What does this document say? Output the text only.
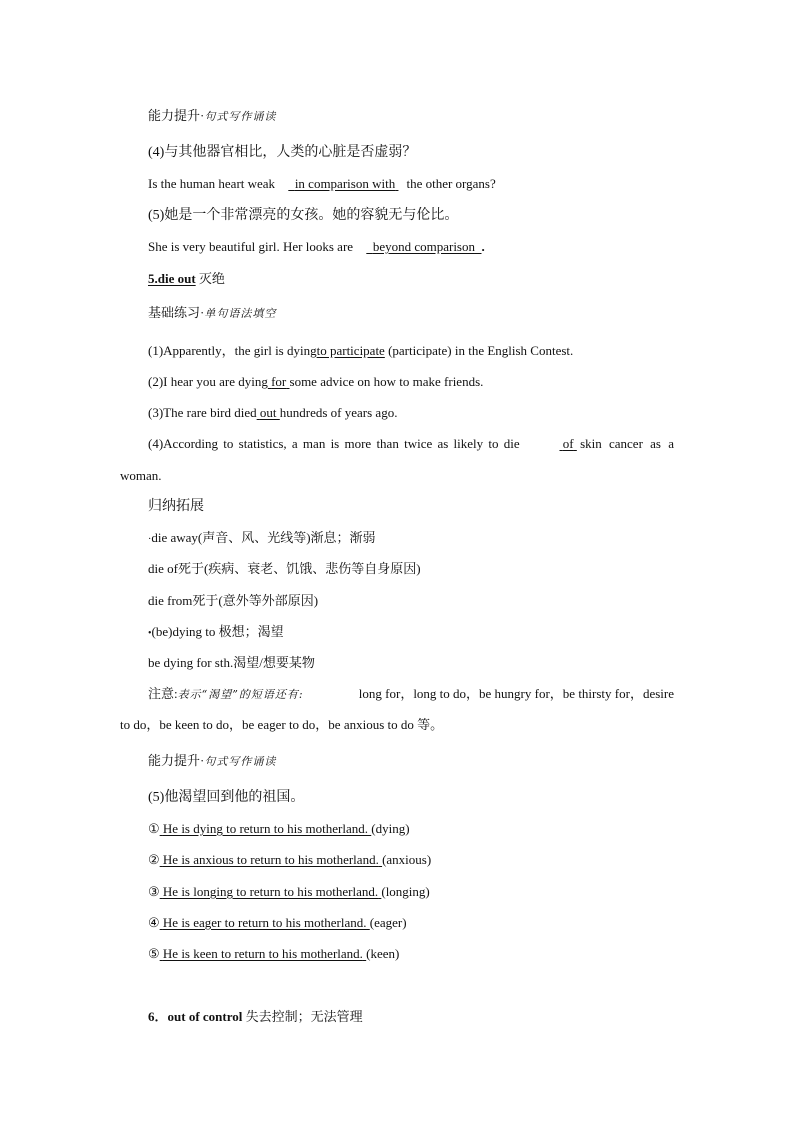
能力提升·句式写作诵读
(4)与其他器官相比，人类的心脏是否虚弱？
Is the human heart weak in comparison with the other organs?
(5)她是一个非常漂亮的女孩。她的容貌无与伦比。
She is very beautiful girl. Her looks are beyond comparison .
5.die out 灭绝
基础练习·单句语法填空
(1)Apparently，the girl is dyingto participate (participate) in the English Contest.
(2)I hear you are dying for some advice on how to make friends.
(3)The rare bird died out hundreds of years ago.
(4)According to statistics, a man is more than twice as likely to die	of skin cancer as a
woman.
归纳拓展
·die away(声音、风、光线等)渐息；渐弱
die of死于(疾病、衰老、饥饿、悲伤等自身原因)
die from死于(意外等外部原因)
•(be)dying to 极想；渴望
be dying for sth.渴望/想要某物
注意:表示“渴望”的短语还有:	long for，long to do，be hungry for，be thirsty for，desire
to do，be keen to do，be eager to do，be anxious to do 等。
能力提升·句式写作诵读
(5)他渴望回到他的祖国。
① He is dying to return to his motherland. (dying)
② He is anxious to return to his motherland. (anxious)
③ He is longing to return to his motherland. (longing)
④ He is eager to return to his motherland. (eager)
⑤ He is keen to return to his motherland. (keen)
6．out of control 失去控制；无法管理
